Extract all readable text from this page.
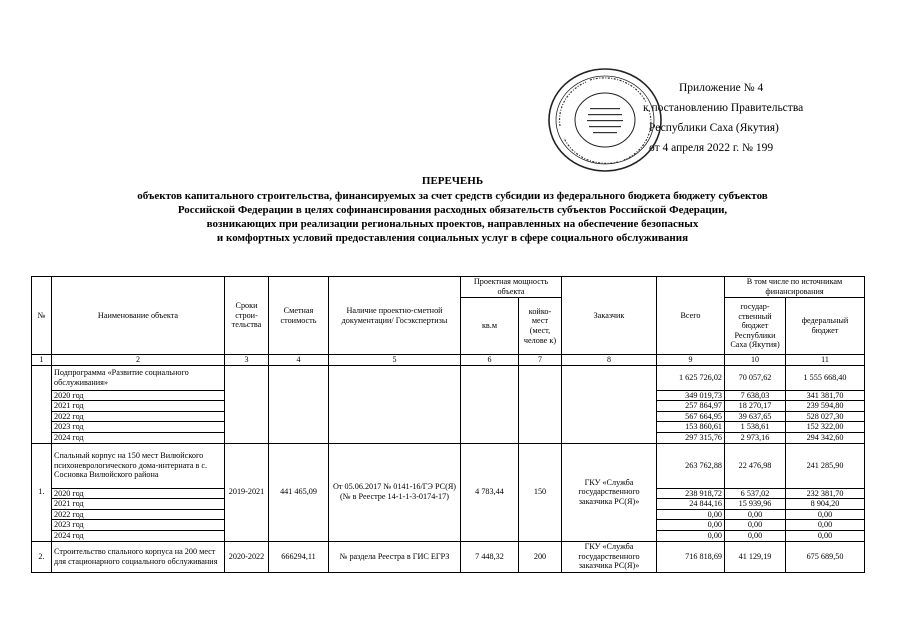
Приложение № 4
к постановлению Правительства
Республики Саха (Якутия)
от 4 апреля 2022 г. № 199
ПЕРЕЧЕНЬ
объектов капитального строительства, финансируемых за счет средств субсидии из федерального бюджета бюджету субъектов
Российской Федерации в целях софинансирования расходных обязательств субъектов Российской Федерации,
возникающих при реализации региональных проектов, направленных на обеспечение безопасных
и комфортных условий предоставления социальных услуг в сфере социального обслуживания
№	Наименование объекта	Сроки строи-тельства	Сметная стоимость	Наличие проектно-сметной документации/ Госэкспертизы	Проектная мощность объекта		Заказчик	Всего	В том числе по источникам финансирования	
					кв.м	койко-мест (мест, челове к)			государ-ственный бюджет Республики Саха (Якутия)	федеральный бюджет

1	2	3	4	5	6	7	8	9	10	11
	Подпрограмма «Развитие социального обслуживания»							1 625 726,02	70 057,62	1 555 668,40
	2020 год							349 019,73	7 638,03	341 381,70
	2021 год							257 864,97	18 270,17	239 594,80
	2022 год							567 664,95	39 637,65	528 027,30
	2023 год							153 860,61	1 538,61	152 322,00
	2024 год							297 315,76	2 973,16	294 342,60
1.	Спальный корпус на 150 мест Вилюйского психоневрологического дома-интерната в с. Сосновка Вилюйского района	2019-2021	441 465,09	От 05.06.2017 № 0141-16/ГЭ РС(Я) (№ в Реестре 14-1-1-3-0174-17)	4 783,44	150	ГКУ «Служба государственного заказчика РС(Я)»	263 762,88	22 476,98	241 285,90
	2020 год							238 918,72	6 537,02	232 381,70
	2021 год							24 844,16	15 939,96	8 904,20
	2022 год							0,00	0,00	0,00
	2023 год							0,00	0,00	0,00
	2024 год							0,00	0,00	0,00
2.	Строительство спального корпуса на 200 мест для стационарного социального обслуживания	2020-2022	666294,11	№ раздела Реестра в ГИС ЕГРЗ	7 448,32	200	ГКУ «Служба государственного заказчика РС(Я)»	716 818,69	41 129,19	675 689,50
